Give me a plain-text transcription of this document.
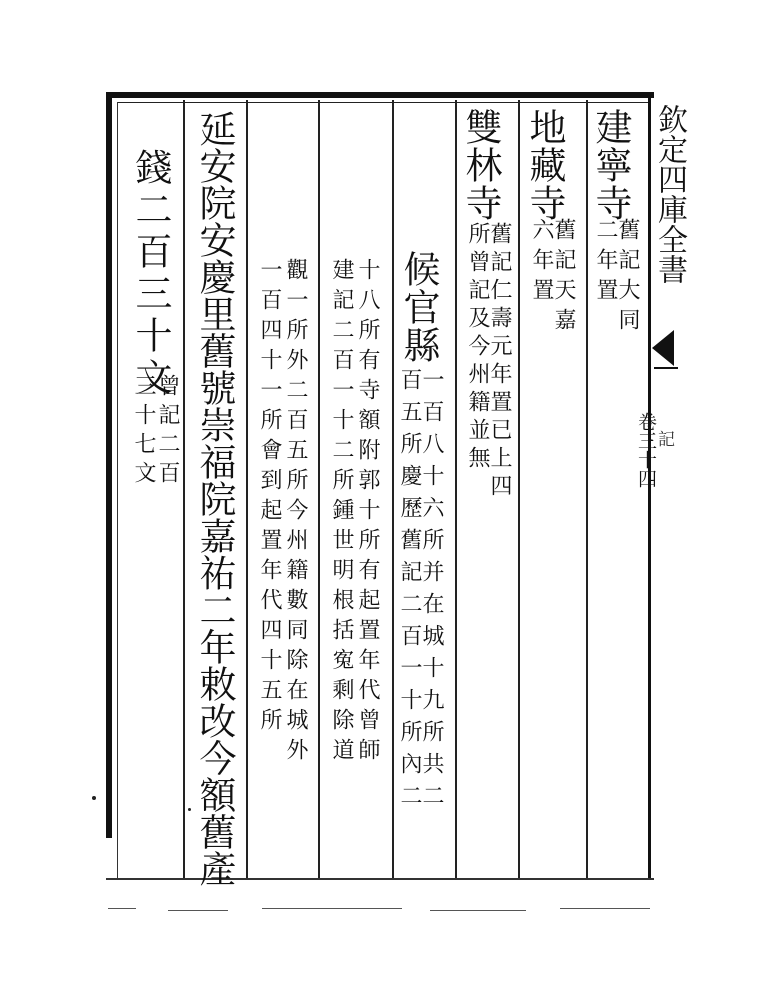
欽定四庫全書
記
卷三十四
建寧寺
舊記大同
二年置
地藏寺
舊記天嘉
六年置
雙林寺
舊記仁壽元年置已上四
所曾記及今州籍並無
候官縣
一百八十六所并在城十九所共二
百五所慶歷舊記二百一十所內二
十八所有寺額附郭十所有起置年代曾師
建記二百一十二所鍾世明根括寃剩除道
觀一所外二百五所今州籍數同除在城外
一百四十一所會到起置年代四十五所
延安院安慶里舊號崇福院嘉祐二年敕改今額舊產
錢二百三十文
曾記二百
三十七文
